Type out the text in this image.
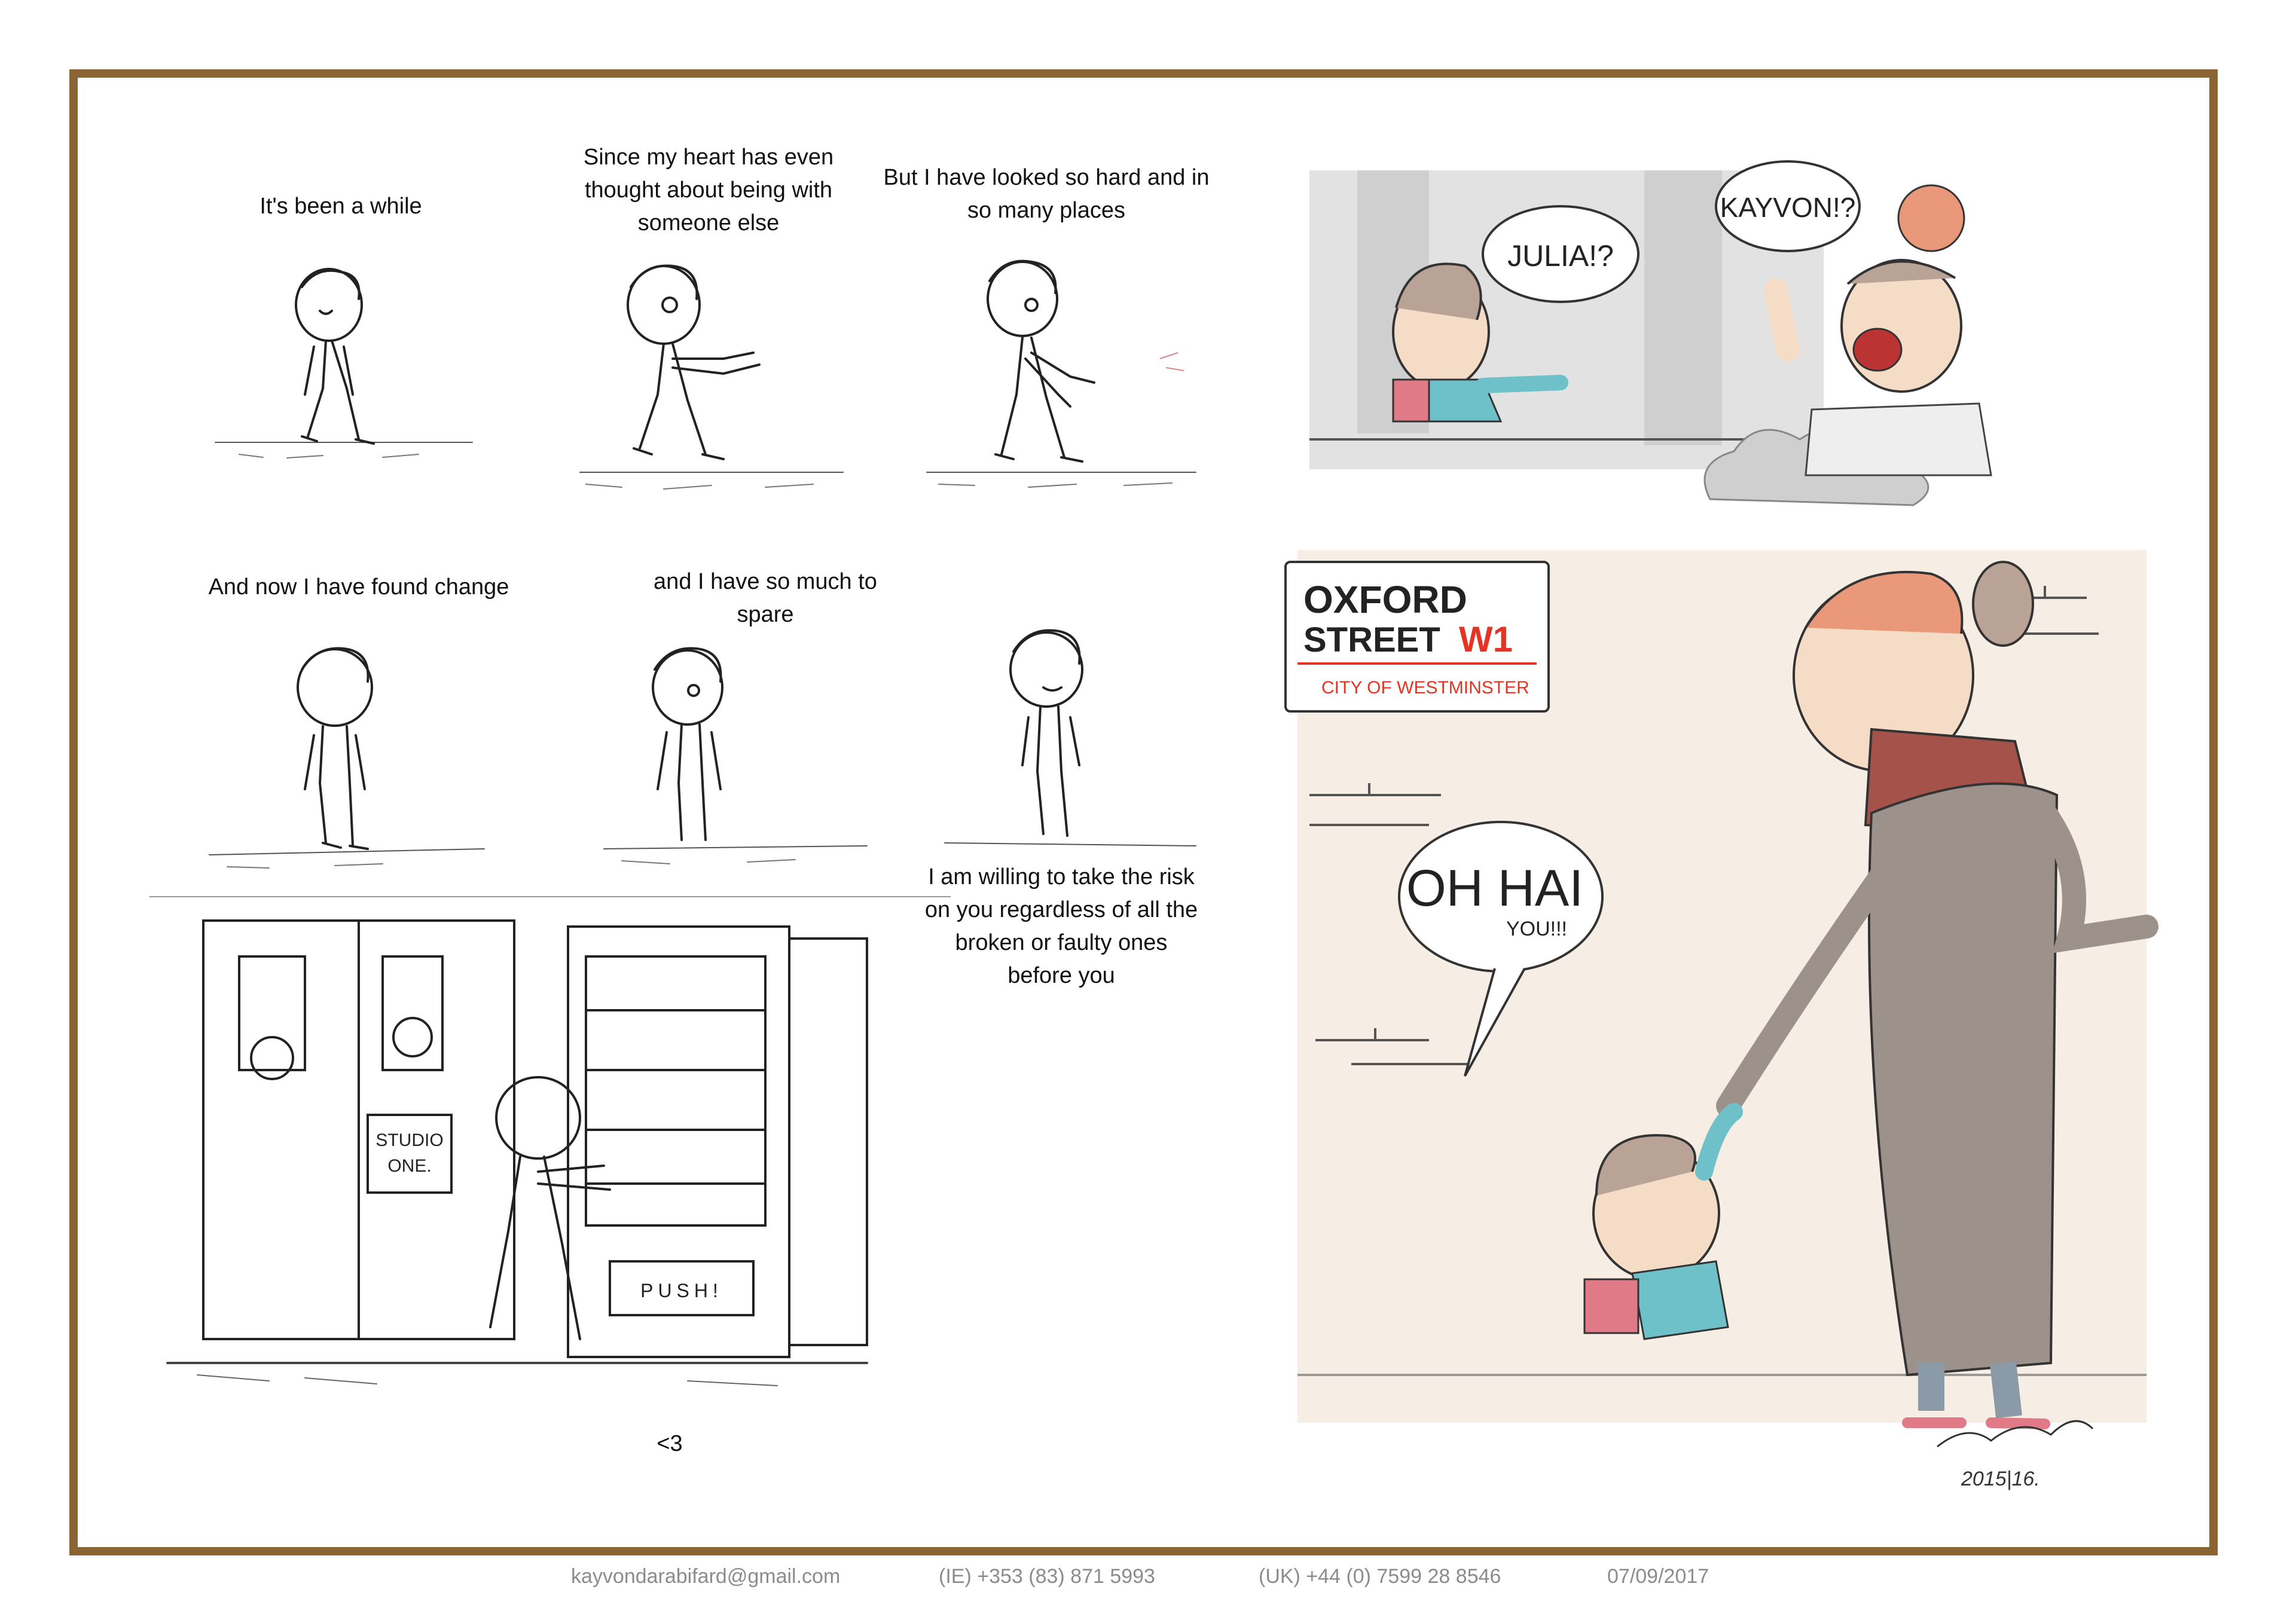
It's been a while
Since my heart has even thought about being with someone else
But I have looked so hard and in so many places
And now I have found change	and I have so much to spare
I am willing to take the risk on you regardless of all the broken or faulty ones before you
<3
STUDIO
ONE.
PUSH!
JULIA!?
KAYVON!?
OXFORD
STREET W1
CITY OF WESTMINSTER
OH HAI
YOU!!!
2015|16.
kayvondarabifard@gmail.com	(IE) +353 (83) 871 5993	(UK) +44 (0) 7599 28 8546	07/09/2017
